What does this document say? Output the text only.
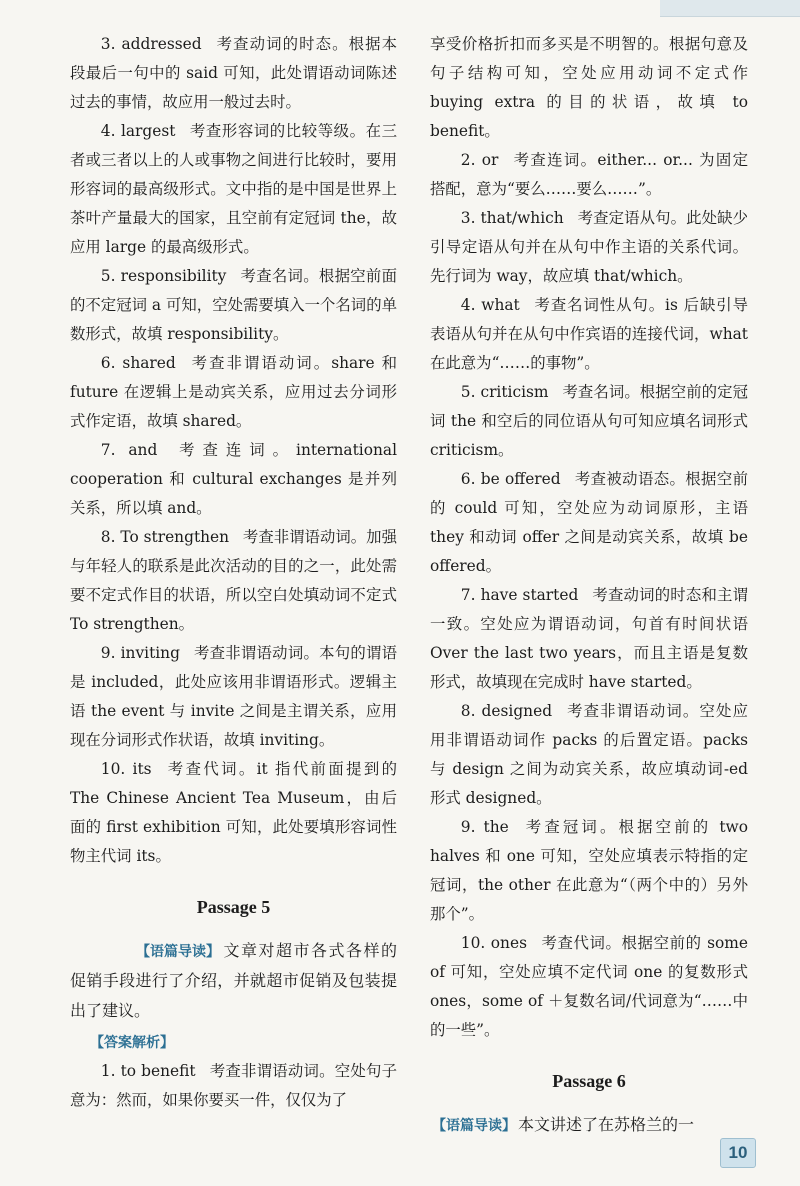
3. addressed 考查动词的时态。根据本段最后一句中的 said 可知，此处谓语动词陈述过去的事情，故应用一般过去时。

4. largest 考查形容词的比较等级。在三者或三者以上的人或事物之间进行比较时，要用形容词的最高级形式。文中指的是中国是世界上茶叶产量最大的国家，且空前有定冠词 the，故应用 large 的最高级形式。

5. responsibility 考查名词。根据空前面的不定冠词 a 可知，空处需要填入一个名词的单数形式，故填 responsibility。

6. shared 考查非谓语动词。share 和 future 在逻辑上是动宾关系，应用过去分词形式作定语，故填 shared。

7. and 考查连词。international cooperation 和 cultural exchanges 是并列关系，所以填 and。

8. To strengthen 考查非谓语动词。加强与年轻人的联系是此次活动的目的之一，此处需要不定式作目的状语，所以空白处填动词不定式 To strengthen。

9. inviting 考查非谓语动词。本句的谓语是 included，此处应该用非谓语形式。逻辑主语 the event 与 invite 之间是主谓关系，应用现在分词形式作状语，故填 inviting。

10. its 考查代词。it 指代前面提到的 The Chinese Ancient Tea Museum，由后面的 first exhibition 可知，此处要填形容词性物主代词 its。

Passage 5

【语篇导读】 文章对超市各式各样的促销手段进行了介绍，并就超市促销及包装提出了建议。

【答案解析】

1. to benefit 考查非谓语动词。空处句子意为：然而，如果你要买一件，仅仅为了

享受价格折扣而多买是不明智的。根据句意及句子结构可知，空处应用动词不定式作 buying extra 的目的状语，故填 to benefit。

2. or 考查连词。either... or... 为固定搭配，意为“要么……要么……”。

3. that/which 考查定语从句。此处缺少引导定语从句并在从句中作主语的关系代词。先行词为 way，故应填 that/which。

4. what 考查名词性从句。is 后缺引导表语从句并在从句中作宾语的连接代词，what 在此意为“……的事物”。

5. criticism 考查名词。根据空前的定冠词 the 和空后的同位语从句可知应填名词形式 criticism。

6. be offered 考查被动语态。根据空前的 could 可知，空处应为动词原形，主语 they 和动词 offer 之间是动宾关系，故填 be offered。

7. have started 考查动词的时态和主谓一致。空处应为谓语动词，句首有时间状语 Over the last two years，而且主语是复数形式，故填现在完成时 have started。

8. designed 考查非谓语动词。空处应用非谓语动词作 packs 的后置定语。packs 与 design 之间为动宾关系，故应填动词-ed 形式 designed。

9. the 考查冠词。根据空前的 two halves 和 one 可知，空处应填表示特指的定冠词，the other 在此意为“（两个中的）另外那个”。

10. ones 考查代词。根据空前的 some of 可知，空处应填不定代词 one 的复数形式 ones，some of ＋复数名词/代词意为“……中的一些”。

Passage 6

【语篇导读】 本文讲述了在苏格兰的一

10
